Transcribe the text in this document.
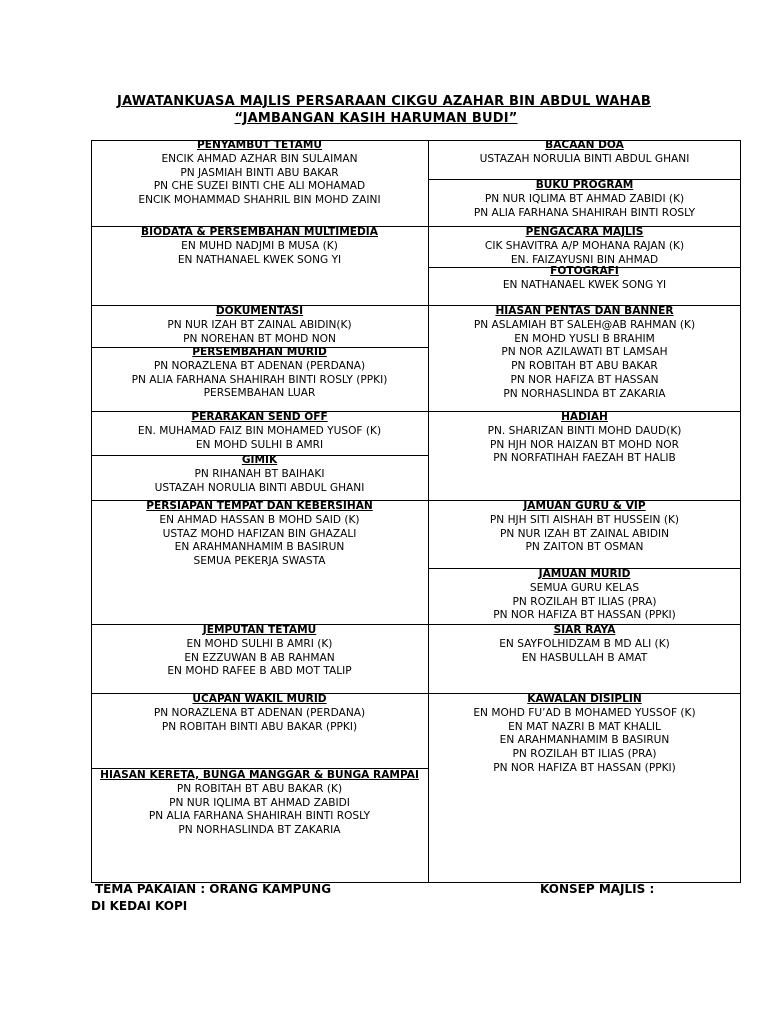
JAWATANKUASA MAJLIS PERSARAAN CIKGU AZAHAR BIN ABDUL WAHAB
“JAMBANGAN KASIH HARUMAN BUDI”
PENYAMBUT TETAMU
ENCIK AHMAD AZHAR BIN SULAIMAN
PN JASMIAH BINTI ABU BAKAR
PN CHE SUZEI BINTI CHE ALI MOHAMAD
ENCIK MOHAMMAD SHAHRIL BIN MOHD ZAINI
BIODATA & PERSEMBAHAN MULTIMEDIA
EN MUHD NADJMI B MUSA (K)
EN NATHANAEL KWEK SONG YI
DOKUMENTASI
PN NUR IZAH BT ZAINAL ABIDIN(K)
PN NOREHAN BT MOHD NON
PERSEMBAHAN MURID
PN NORAZLENA BT ADENAN (PERDANA)
PN ALIA FARHANA SHAHIRAH BINTI ROSLY (PPKI)
PERSEMBAHAN LUAR
PERARAKAN SEND OFF
EN. MUHAMAD FAIZ BIN MOHAMED YUSOF (K)
EN MOHD SULHI B AMRI
GIMIK
PN RIHANAH BT BAIHAKI
USTAZAH NORULIA BINTI ABDUL GHANI
PERSIAPAN TEMPAT DAN KEBERSIHAN
EN AHMAD HASSAN B MOHD SAID (K)
USTAZ MOHD HAFIZAN BIN GHAZALI
EN ARAHMANHAMIM B BASIRUN
SEMUA PEKERJA SWASTA
JEMPUTAN TETAMU
EN MOHD SULHI B AMRI (K)
EN EZZUWAN B AB RAHMAN
EN MOHD RAFEE B ABD MOT TALIP
UCAPAN WAKIL MURID
PN NORAZLENA BT ADENAN (PERDANA)
PN ROBITAH BINTI ABU BAKAR (PPKI)
HIASAN KERETA, BUNGA MANGGAR & BUNGA RAMPAI
PN ROBITAH BT ABU BAKAR (K)
PN NUR IQLIMA BT AHMAD ZABIDI
PN ALIA FARHANA SHAHIRAH BINTI ROSLY
PN NORHASLINDA BT ZAKARIA
BACAAN DOA
USTAZAH NORULIA BINTI ABDUL GHANI
BUKU PROGRAM
PN NUR IQLIMA BT AHMAD ZABIDI (K)
PN ALIA FARHANA SHAHIRAH BINTI ROSLY
PENGACARA MAJLIS
CIK SHAVITRA A/P MOHANA RAJAN (K)
EN. FAIZAYUSNI BIN AHMAD
FOTOGRAFI
EN NATHANAEL KWEK SONG YI
HIASAN PENTAS DAN BANNER
PN ASLAMIAH BT SALEH@AB RAHMAN (K)
EN MOHD YUSLI B BRAHIM
PN NOR AZILAWATI BT LAMSAH
PN ROBITAH BT ABU BAKAR
PN NOR HAFIZA BT HASSAN
PN NORHASLINDA BT ZAKARIA
HADIAH
PN. SHARIZAN BINTI MOHD DAUD(K)
PN HJH NOR HAIZAN BT MOHD NOR
PN NORFATIHAH FAEZAH BT HALIB
JAMUAN GURU & VIP
PN HJH SITI AISHAH BT HUSSEIN (K)
PN NUR IZAH BT ZAINAL ABIDIN
PN ZAITON BT OSMAN
JAMUAN MURID
SEMUA GURU KELAS
PN ROZILAH BT ILIAS (PRA)
PN NOR HAFIZA BT HASSAN (PPKI)
SIAR RAYA
EN SAYFOLHIDZAM B MD ALI (K)
EN HASBULLAH B AMAT
KAWALAN DISIPLIN
EN MOHD FU’AD B MOHAMED YUSSOF (K)
EN MAT NAZRI B MAT KHALIL
EN ARAHMANHAMIM B BASIRUN
PN ROZILAH BT ILIAS (PRA)
PN NOR HAFIZA BT HASSAN (PPKI)
TEMA PAKAIAN : ORANG KAMPUNG
DI KEDAI KOPI
KONSEP MAJLIS :
